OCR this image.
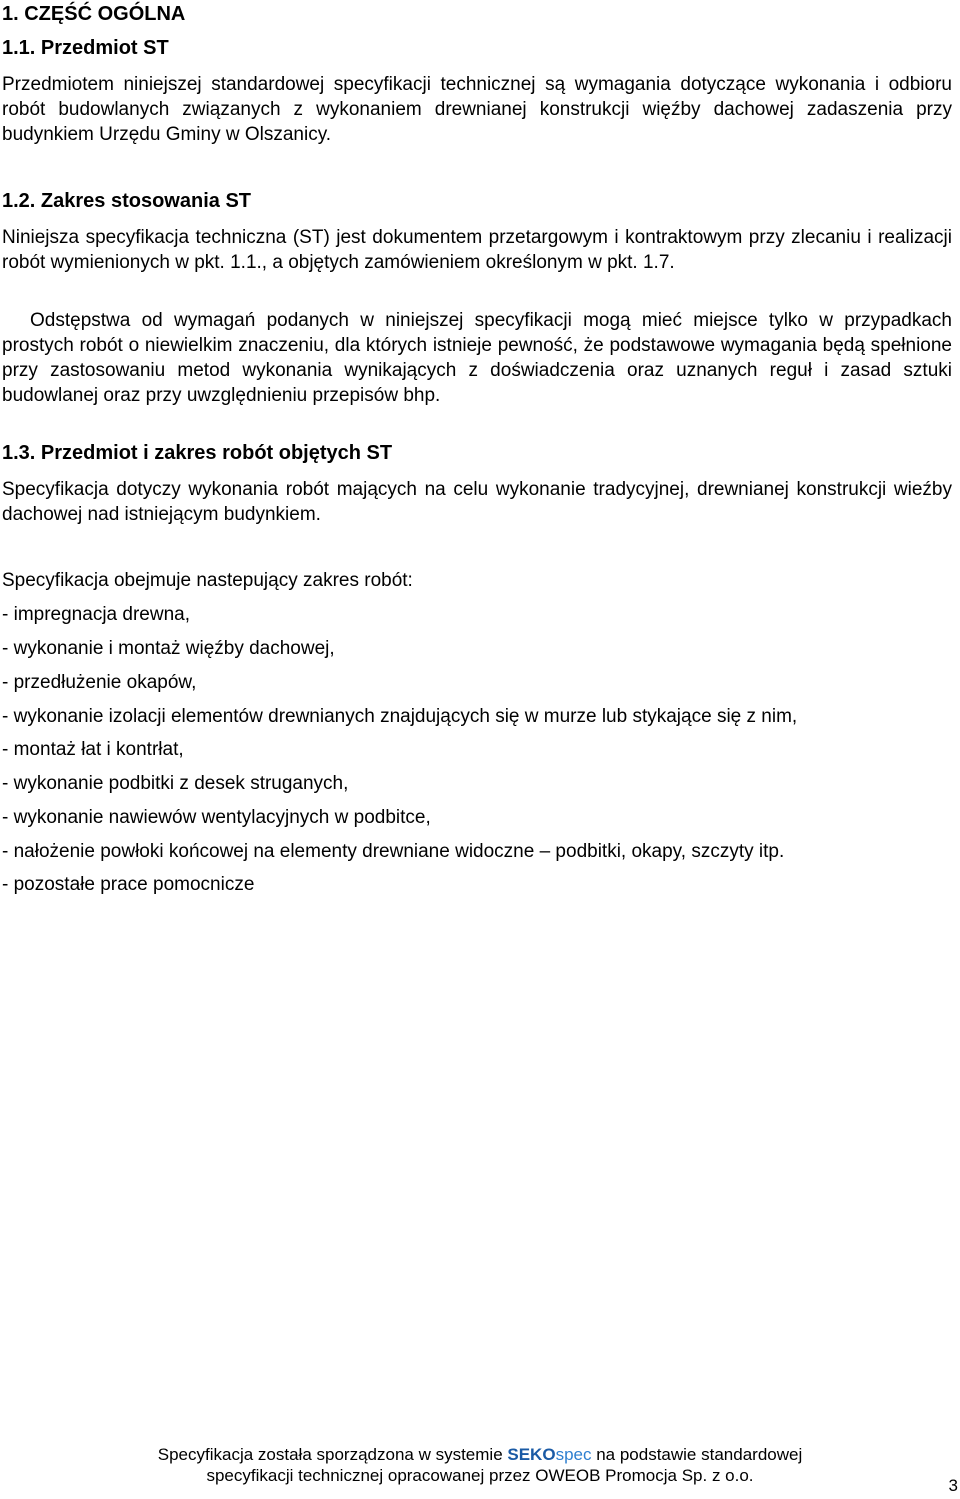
1. CZĘŚĆ OGÓLNA
1.1. Przedmiot ST
Przedmiotem niniejszej standardowej specyfikacji technicznej są wymagania dotyczące wykonania i odbioru robót budowlanych związanych z wykonaniem drewnianej konstrukcji więźby dachowej zadaszenia przy budynkiem Urzędu Gminy w Olszanicy.
1.2. Zakres stosowania ST
Niniejsza specyfikacja techniczna (ST) jest dokumentem przetargowym i kontraktowym przy zlecaniu i realizacji robót wymienionych w pkt. 1.1., a objętych zamówieniem określonym w pkt. 1.7.
Odstępstwa od wymagań podanych w niniejszej specyfikacji mogą mieć miejsce tylko w przypadkach prostych robót o niewielkim znaczeniu, dla których istnieje pewność, że podstawowe wymagania będą spełnione przy zastosowaniu metod wykonania wynikających z doświadczenia oraz uznanych reguł i zasad sztuki budowlanej oraz przy uwzględnieniu przepisów bhp.
1.3. Przedmiot i zakres robót objętych ST
Specyfikacja dotyczy wykonania robót mających na celu wykonanie tradycyjnej, drewnianej konstrukcji wieźby dachowej nad istniejącym budynkiem.
Specyfikacja obejmuje nastepujący zakres robót:
- impregnacja drewna,
- wykonanie i montaż więźby dachowej,
- przedłużenie okapów,
- wykonanie izolacji elementów drewnianych znajdujących się w murze lub stykające się z nim,
- montaż łat i kontrłat,
- wykonanie podbitki z desek struganych,
- wykonanie nawiewów wentylacyjnych w podbitce,
- nałożenie powłoki końcowej na elementy drewniane widoczne – podbitki, okapy, szczyty itp.
- pozostałe prace pomocnicze
Specyfikacja została sporządzona w systemie SEKOspec na podstawie standardowej
specyfikacji technicznej opracowanej przez OWEOB Promocja Sp. z o.o.
3
